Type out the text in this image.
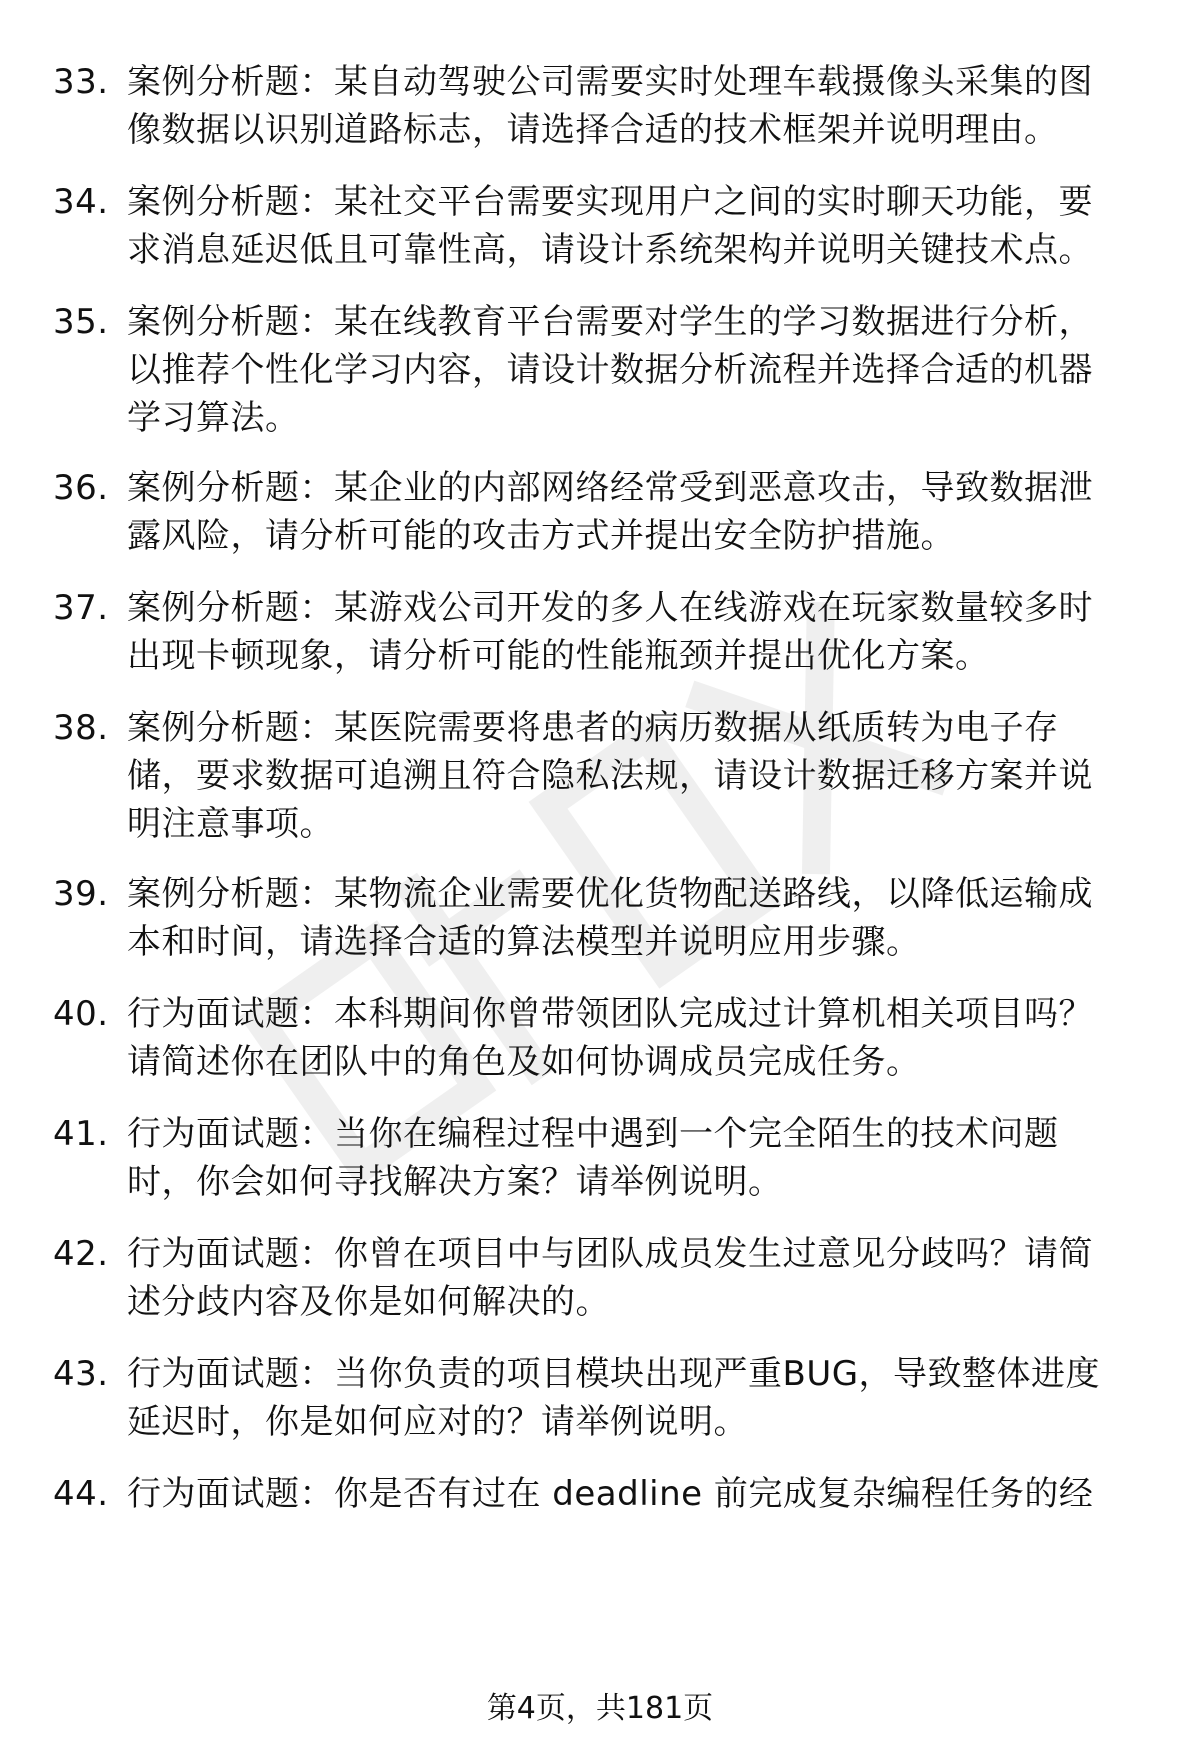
33. 案例分析题：某自动驾驶公司需要实时处理车载摄像头采集的图
像数据以识别道路标志，请选择合适的技术框架并说明理由。
34. 案例分析题：某社交平台需要实现用户之间的实时聊天功能，要
求消息延迟低且可靠性高，请设计系统架构并说明关键技术点。
35. 案例分析题：某在线教育平台需要对学生的学习数据进行分析，
以推荐个性化学习内容，请设计数据分析流程并选择合适的机器
学习算法。
36. 案例分析题：某企业的内部网络经常受到恶意攻击，导致数据泄
露风险，请分析可能的攻击方式并提出安全防护措施。
37. 案例分析题：某游戏公司开发的多人在线游戏在玩家数量较多时
出现卡顿现象，请分析可能的性能瓶颈并提出优化方案。
38. 案例分析题：某医院需要将患者的病历数据从纸质转为电子存
储，要求数据可追溯且符合隐私法规，请设计数据迁移方案并说
明注意事项。
39. 案例分析题：某物流企业需要优化货物配送路线，以降低运输成
本和时间，请选择合适的算法模型并说明应用步骤。
40. 行为面试题：本科期间你曾带领团队完成过计算机相关项目吗？
请简述你在团队中的角色及如何协调成员完成任务。
41. 行为面试题：当你在编程过程中遇到一个完全陌生的技术问题
时，你会如何寻找解决方案？请举例说明。
42. 行为面试题：你曾在项目中与团队成员发生过意见分歧吗？请简
述分歧内容及你是如何解决的。
43. 行为面试题：当你负责的项目模块出现严重BUG，导致整体进度
延迟时，你是如何应对的？请举例说明。
44. 行为面试题：你是否有过在 deadline 前完成复杂编程任务的经
第4页，共181页
